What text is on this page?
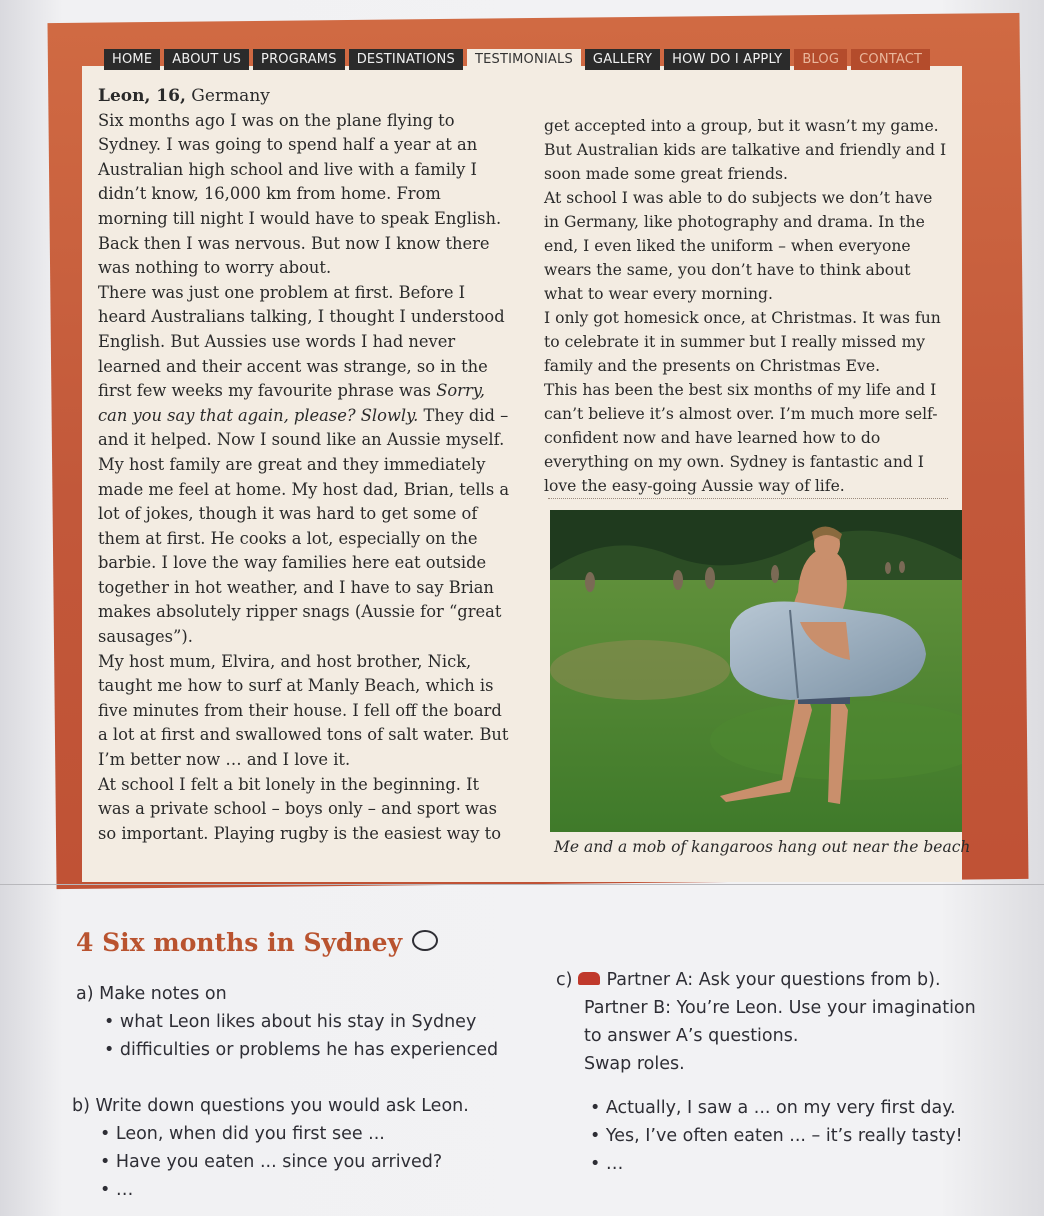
HOME	ABOUT US	PROGRAMS	DESTINATIONS	TESTIMONIALS	GALLERY	HOW DO I APPLY	BLOG	CONTACT

Leon, 16, Germany

Six months ago I was on the plane flying to Sydney. I was going to spend half a year at an Australian high school and live with a family I didn’t know, 16,000 km from home. From morning till night I would have to speak English. Back then I was nervous. But now I know there was nothing to worry about.

There was just one problem at first. Before I heard Australians talking, I thought I understood English. But Aussies use words I had never learned and their accent was strange, so in the first few weeks my favourite phrase was Sorry, can you say that again, please? Slowly. They did – and it helped. Now I sound like an Aussie myself.

My host family are great and they immediately made me feel at home. My host dad, Brian, tells a lot of jokes, though it was hard to get some of them at first. He cooks a lot, especially on the barbie. I love the way families here eat outside together in hot weather, and I have to say Brian makes absolutely ripper snags (Aussie for “great sausages”).

My host mum, Elvira, and host brother, Nick, taught me how to surf at Manly Beach, which is five minutes from their house. I fell off the board a lot at first and swallowed tons of salt water. But I’m better now … and I love it.

At school I felt a bit lonely in the beginning. It was a private school – boys only – and sport was so important. Playing rugby is the easiest way to

get accepted into a group, but it wasn’t my game. But Australian kids are talkative and friendly and I soon made some great friends.

At school I was able to do subjects we don’t have in Germany, like photography and drama. In the end, I even liked the uniform – when everyone wears the same, you don’t have to think about what to wear every morning.

I only got homesick once, at Christmas. It was fun to celebrate it in summer but I really missed my family and the presents on Christmas Eve.

This has been the best six months of my life and I can’t believe it’s almost over. I’m much more self-confident now and have learned how to do everything on my own. Sydney is fantastic and I love the easy-going Aussie way of life.

Me and a mob of kangaroos hang out near the beach
4 Six months in Sydney
a) Make notes on
• what Leon likes about his stay in Sydney
• difficulties or problems he has experienced
b) Write down questions you would ask Leon.
• Leon, when did you first see ...
• Have you eaten ... since you arrived?
• …
c) Partner A: Ask your questions from b).
Partner B: You’re Leon. Use your imagination
to answer A’s questions.
Swap roles.
• Actually, I saw a ... on my very first day.
• Yes, I’ve often eaten ... – it’s really tasty!
• …
